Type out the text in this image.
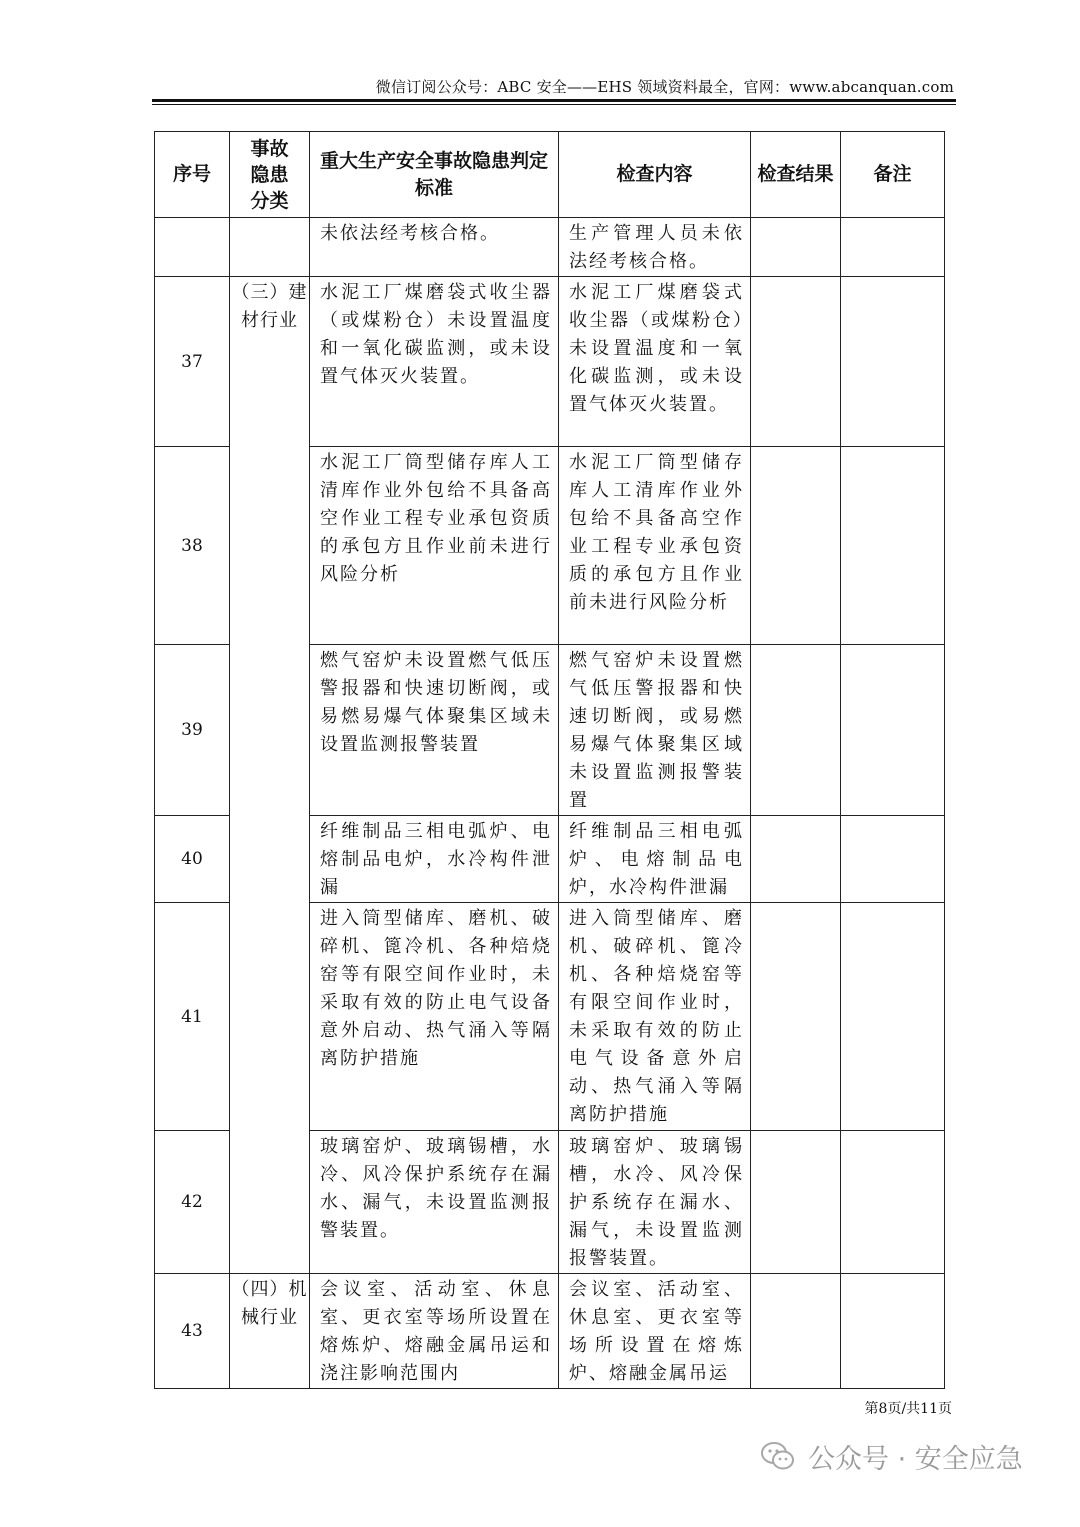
微信订阅公众号：ABC 安全——EHS 领域资料最全，官网：www.abcanquan.com
序号	事故隐患分类	重大生产安全事故隐患判定标准	检查内容	检查结果	备注

		未依法经考核合格。	生产管理人员未依法经考核合格。		

37	（三）建材行业	水泥工厂煤磨袋式收尘器（或煤粉仓）未设置温度和一氧化碳监测，或未设置气体灭火装置。	水泥工厂煤磨袋式收尘器（或煤粉仓）未设置温度和一氧化碳监测，或未设置气体灭火装置。		

38		水泥工厂筒型储存库人工清库作业外包给不具备高空作业工程专业承包资质的承包方且作业前未进行风险分析	水泥工厂筒型储存库人工清库作业外包给不具备高空作业工程专业承包资质的承包方且作业前未进行风险分析		

39		燃气窑炉未设置燃气低压警报器和快速切断阀，或易燃易爆气体聚集区域未设置监测报警装置	燃气窑炉未设置燃气低压警报器和快速切断阀，或易燃易爆气体聚集区域未设置监测报警装置		

40		纤维制品三相电弧炉、电熔制品电炉，水冷构件泄漏	纤维制品三相电弧炉、电熔制品电炉，水冷构件泄漏		

41		进入筒型储库、磨机、破碎机、篦冷机、各种焙烧窑等有限空间作业时，未采取有效的防止电气设备意外启动、热气涌入等隔离防护措施	进入筒型储库、磨机、破碎机、篦冷机、各种焙烧窑等有限空间作业时，未采取有效的防止电气设备意外启动、热气涌入等隔离防护措施		

42		玻璃窑炉、玻璃锡槽，水冷、风冷保护系统存在漏水、漏气，未设置监测报警装置。	玻璃窑炉、玻璃锡槽，水冷、风冷保护系统存在漏水、漏气，未设置监测报警装置。		

43	（四）机械行业	会议室、活动室、休息室、更衣室等场所设置在熔炼炉、熔融金属吊运和浇注影响范围内	会议室、活动室、休息室、更衣室等场所设置在熔炼炉、熔融金属吊运		

第8页/共11页
公众号 · 安全应急
